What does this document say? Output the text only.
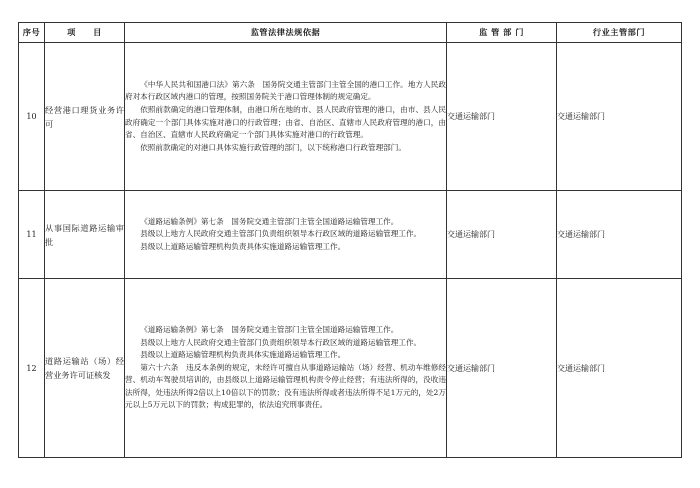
序号	项　　目	监管法律法规依据	监 管 部 门	行业主管部门
10	经营港口理货业务许可	《中华人民共和国港口法》第六条　国务院交通主管部门主管全国的港口工作。地方人民政府对本行政区域内港口的管理，按照国务院关于港口管理体制的规定确定。

依照前款确定的港口管理体制，由港口所在地的市、县人民政府管理的港口，由市、县人民政府确定一个部门具体实施对港口的行政管理；由省、自治区、直辖市人民政府管理的港口，由省、自治区、直辖市人民政府确定一个部门具体实施对港口的行政管理。

依照前款确定的对港口具体实施行政管理的部门，以下统称港口行政管理部门。	交通运输部门	交通运输部门
11	从事国际道路运输审批	《道路运输条例》第七条　国务院交通主管部门主管全国道路运输管理工作。

县级以上地方人民政府交通主管部门负责组织领导本行政区域的道路运输管理工作。

县级以上道路运输管理机构负责具体实施道路运输管理工作。	交通运输部门	交通运输部门
12	道路运输站（场）经营业务许可证核发	《道路运输条例》第七条　国务院交通主管部门主管全国道路运输管理工作。

县级以上地方人民政府交通主管部门负责组织领导本行政区域的道路运输管理工作。

县级以上道路运输管理机构负责具体实施道路运输管理工作。

第六十六条　违反本条例的规定，未经许可擅自从事道路运输站（场）经营、机动车维修经营、机动车驾驶员培训的，由县级以上道路运输管理机构责令停止经营；有违法所得的，没收违法所得，处违法所得2倍以上10倍以下的罚款；没有违法所得或者违法所得不足1万元的，处2万元以上5万元以下的罚款；构成犯罪的，依法追究刑事责任。	交通运输部门	交通运输部门
